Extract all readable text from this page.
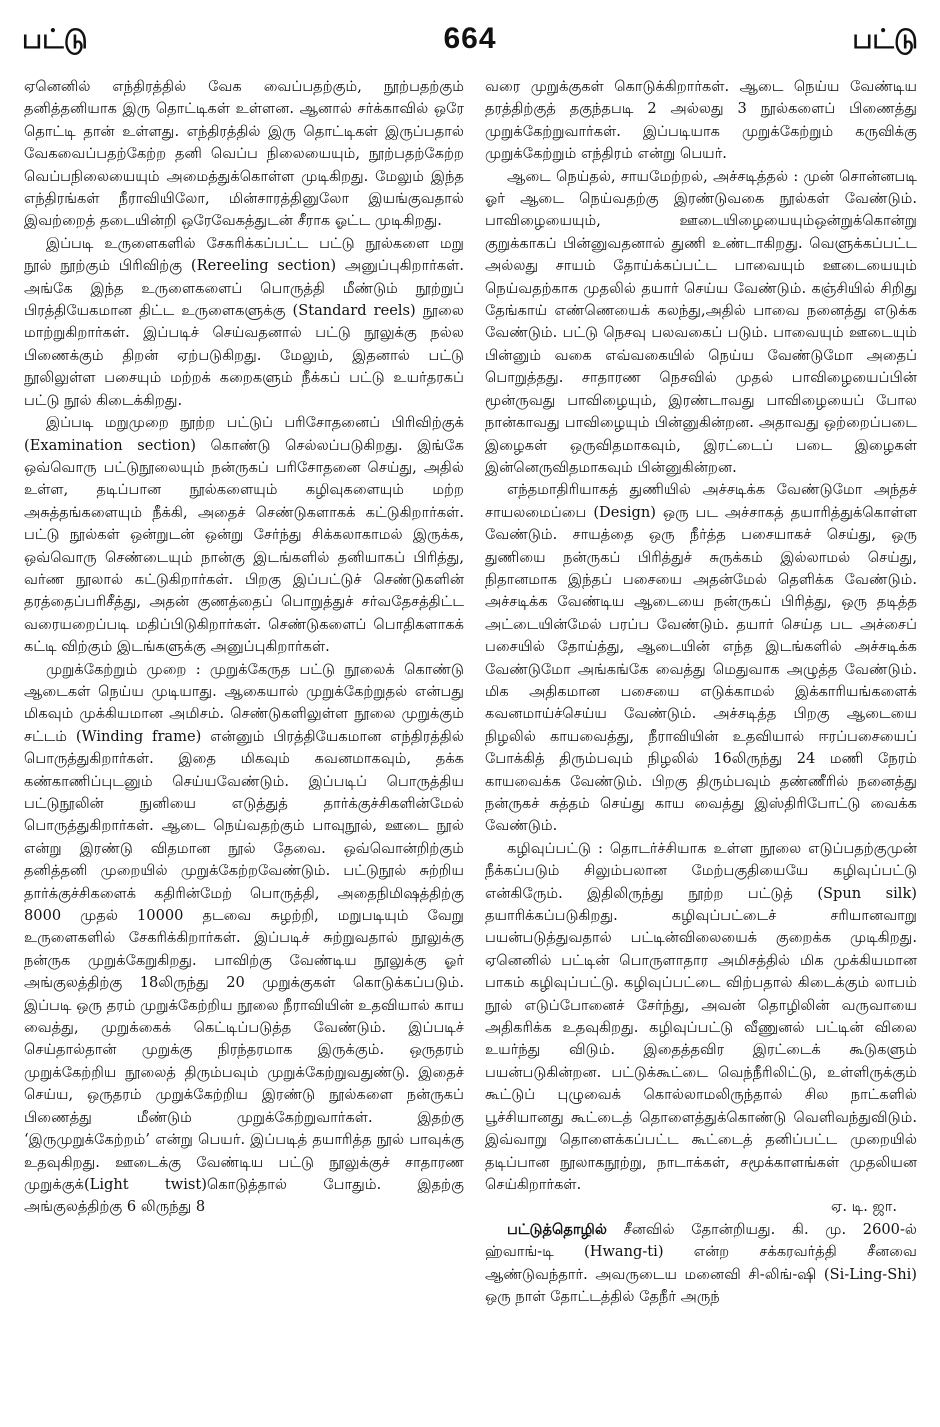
பட்டு	664	பட்டு

ஏனெனில் எந்திரத்தில் வேக வைப்பதற்கும், நூற்பதற்கும் தனித்தனியாக இரு தொட்டிகள் உள்ளன. ஆனால் சர்க்காவில் ஒரே தொட்டி தான் உள்ளது. எந்திரத்தில் இரு தொட்டிகள் இருப்பதால் வேகவைப்பதற்கேற்ற தனி வெப்ப நிலையையும், நூற்பதற்கேற்ற வெப்பநிலையையும் அமைத்துக்கொள்ள முடிகிறது. மேலும் இந்த எந்திரங்கள் நீராவியிலோ, மின்சாரத்தினுலோ இயங்குவதால் இவற்றைத் தடையின்றி ஒரேவேகத்துடன் சீராக ஓட்ட முடிகிறது.

இப்படி உருளைகளில் சேகரிக்கப்பட்ட பட்டு நூல்களை மறு நூல் நூற்கும் பிரிவிற்கு (Rereeling section) அனுப்புகிறார்கள். அங்கே இந்த உருளைகளைப் பொருத்தி மீண்டும் நூற்றுப் பிரத்தியேகமான திட்ட உருளைகளுக்கு (Standard reels) நூலை மாற்றுகிறார்கள். இப்படிச் செய்வதனால் பட்டு நூலுக்கு நல்ல பிணைக்கும் திறன் ஏற்படுகிறது. மேலும், இதனால் பட்டு நூலிலுள்ள பசையும் மற்றக் கறைகளும் நீக்கப் பட்டு உயர்தரகப் பட்டு நூல் கிடைக்கிறது.

இப்படி மறுமுறை நூற்ற பட்டுப் பரிசோதனைப் பிரிவிற்குக் (Examination section) கொண்டு செல்லப்படுகிறது. இங்கே ஒவ்வொரு பட்டுநூலையும் நன்ருகப் பரிசோதனை செய்து, அதில் உள்ள, தடிப்பான நூல்களையும் கழிவுகளையும் மற்ற அசுத்தங்களையும் நீக்கி, அதைச் செண்டுகளாகக் கட்டுகிறார்கள். பட்டு நூல்கள் ஒன்றுடன் ஒன்று சேர்ந்து சிக்கலாகாமல் இருக்க, ஒவ்வொரு செண்டையும் நான்கு இடங்களில் தனியாகப் பிரித்து, வர்ண நூலால் கட்டுகிறார்கள். பிறகு இப்பட்டுச் செண்டுகளின் தரத்தைப்பரிசீத்து, அதன் குணத்தைப் பொறுத்துச் சர்வதேசத்திட்ட வரையறைப்படி மதிப்பிடுகிறார்கள். செண்டுகளைப் பொதிகளாகக் கட்டி விற்கும் இடங்களுக்கு அனுப்புகிறார்கள்.

முறுக்கேற்றும் முறை : முறுக்கேருத பட்டு நூலைக் கொண்டு ஆடைகள் நெய்ய முடியாது. ஆகையால் முறுக்கேற்றுதல் என்பது மிகவும் முக்கியமான அமிசம். செண்டுகளிலுள்ள நூலை முறுக்கும் சட்டம் (Winding frame) என்னும் பிரத்தியேகமான எந்திரத்தில் பொருத்துகிறார்கள். இதை மிகவும் கவனமாகவும், தக்க கண்காணிப்புடனும் செய்யவேண்டும். இப்படிப் பொருத்திய பட்டுநூலின் நுனியை எடுத்துத் தார்க்குச்சிகளின்மேல் பொருத்துகிறார்கள். ஆடை நெய்வதற்கும் பாவுநூல், ஊடை நூல் என்று இரண்டு விதமான நூல் தேவை. ஒவ்வொன்றிற்கும் தனித்தனி முறையில் முறுக்கேற்றவேண்டும். பட்டுநூல் சுற்றிய தார்க்குச்சிகளைக் கதிரின்மேற் பொருத்தி, அதைநிமிஷத்திற்கு 8000 முதல் 10000 தடவை சுழற்றி, மறுபடியும் வேறு உருளைகளில் சேகரிக்கிறார்கள். இப்படிச் சுற்றுவதால் நூலுக்கு நன்ருக முறுக்கேறுகிறது. பாவிற்கு வேண்டிய நூலுக்கு ஓர் அங்குலத்திற்கு 18லிருந்து 20 முறுக்குகள் கொடுக்கப்படும். இப்படி ஒரு தரம் முறுக்கேற்றிய நூலை நீராவியின் உதவியால் காய வைத்து, முறுக்கைக் கெட்டிப்படுத்த வேண்டும். இப்படிச் செய்தால்தான் முறுக்கு நிரந்தரமாக இருக்கும். ஒருதரம் முறுக்கேற்றிய நூலைத் திரும்பவும் முறுக்கேற்றுவதுண்டு. இதைச் செய்ய, ஒருதரம் முறுக்கேற்றிய இரண்டு நூல்களை நன்ருகப் பிணைத்து மீண்டும் முறுக்கேற்றுவார்கள். இதற்கு ‘இருமுறுக்கேற்றம்’ என்று பெயர். இப்படித் தயாரித்த நூல் பாவுக்கு உதவுகிறது. ஊடைக்கு வேண்டிய பட்டு நூலுக்குச் சாதாரண முறுக்குக்(Light twist)கொடுத்தால் போதும். இதற்கு அங்குலத்திற்கு 6 லிருந்து 8

வரை முறுக்குகள் கொடுக்கிறார்கள். ஆடை நெய்ய வேண்டிய தரத்திற்குத் தகுந்தபடி 2 அல்லது 3 நூல்களைப் பிணைத்து முறுக்கேற்றுவார்கள். இப்படியாக முறுக்கேற்றும் கருவிக்கு முறுக்கேற்றும் எந்திரம் என்று பெயர்.

ஆடை நெய்தல், சாயமேற்றல், அச்சடித்தல் : முன் சொன்னபடி ஓர் ஆடை நெய்வதற்கு இரண்டுவகை நூல்கள் வேண்டும். பாவிழையையும், ஊடையிழையையும்ஒன்றுக்கொன்று குறுக்காகப் பின்னுவதனால் துணி உண்டாகிறது. வெளுக்கப்பட்ட அல்லது சாயம் தோய்க்கப்பட்ட பாவையும் ஊடையையும் நெய்வதற்காக முதலில் தயார் செய்ய வேண்டும். கஞ்சியில் சிறிது தேங்காய் எண்ணெயைக் கலந்து,அதில் பாவை நனைத்து எடுக்க வேண்டும். பட்டு நெசவு பலவகைப் படும். பாவையும் ஊடையும் பின்னும் வகை எவ்வகையில் நெய்ய வேண்டுமோ அதைப் பொறுத்தது. சாதாரண நெசவில் முதல் பாவிழையைப்பின் மூன்ருவது பாவிழையும், இரண்டாவது பாவிழையைப் போல நான்காவது பாவிழையும் பின்னுகின்றன. அதாவது ஒற்றைப்படை இழைகள் ஒருவிதமாகவும், இரட்டைப் படை இழைகள் இன்னெருவிதமாகவும் பின்னுகின்றன.

எந்தமாதிரியாகத் துணியில் அச்சடிக்க வேண்டுமோ அந்தச் சாயலமைப்பை (Design) ஒரு பட அச்சாகத் தயாரித்துக்கொள்ள வேண்டும். சாயத்தை ஒரு நீர்த்த பசையாகச் செய்து, ஒரு துணியை நன்ருகப் பிரித்துச் சுருக்கம் இல்லாமல் செய்து, நிதானமாக இந்தப் பசையை அதன்மேல் தெளிக்க வேண்டும். அச்சடிக்க வேண்டிய ஆடையை நன்ருகப் பிரித்து, ஒரு தடித்த அட்டையின்மேல் பரப்ப வேண்டும். தயார் செய்த பட அச்சைப் பசையில் தோய்த்து, ஆடையின் எந்த இடங்களில் அச்சடிக்க வேண்டுமோ அங்கங்கே வைத்து மெதுவாக அழுத்த வேண்டும். மிக அதிகமான பசையை எடுக்காமல் இக்காரியங்களைக் கவனமாய்ச்செய்ய வேண்டும். அச்சடித்த பிறகு ஆடையை நிழலில் காயவைத்து, நீராவியின் உதவியால் ஈரப்பசையைப் போக்கித் திரும்பவும் நிழலில் 16லிருந்து 24 மணி நேரம் காயவைக்க வேண்டும். பிறகு திரும்பவும் தண்ணீரில் நனைத்து நன்ருகச் சுத்தம் செய்து காய வைத்து இஸ்திரிபோட்டு வைக்க வேண்டும்.

கழிவுப்பட்டு : தொடர்ச்சியாக உள்ள நூலை எடுப்பதற்குமுன் நீக்கப்படும் சிலும்பலான மேற்பகுதியையே கழிவுப்பட்டு என்கிருேம். இதிலிருந்து நூற்ற பட்டுத் (Spun silk) தயாரிக்கப்படுகிறது. கழிவுப்பட்டைச் சரியானவாறு பயன்படுத்துவதால் பட்டின்விலையைக் குறைக்க முடிகிறது. ஏனெனில் பட்டின் பொருளாதார அமிசத்தில் மிக முக்கியமான பாகம் கழிவுப்பட்டு. கழிவுப்பட்டை விற்பதால் கிடைக்கும் லாபம் நூல் எடுப்போனைச் சேர்ந்து, அவன் தொழிலின் வருவாயை அதிகரிக்க உதவுகிறது. கழிவுப்பட்டு வீணுனல் பட்டின் விலை உயர்ந்து விடும். இதைத்தவிர இரட்டைக் கூடுகளும் பயன்படுகின்றன. பட்டுக்கூட்டை வெந்நீரிலிட்டு, உள்ளிருக்கும் கூட்டுப் புழுவைக் கொல்லாமலிருந்தால் சில நாட்களில் பூச்சியானது கூட்டைத் தொளைத்துக்கொண்டு வெளிவந்துவிடும். இவ்வாறு தொளைக்கப்பட்ட கூட்டைத் தனிப்பட்ட முறையில் தடிப்பான நூலாகநூற்று, நாடாக்கள், சமூக்காளங்கள் முதலியன செய்கிறார்கள்.

ஏ. டி. ஜா.

பட்டுத்தொழில் சீனவில் தோன்றியது. கி. மு. 2600-ல் ஹ்வாங்-டி (Hwang-ti) என்ற சக்கரவர்த்தி சீனவை ஆண்டுவந்தார். அவருடைய மனைவி சி-லிங்-ஷி (Si-Ling-Shi) ஒரு நாள் தோட்டத்தில் தேநீர் அருந்
